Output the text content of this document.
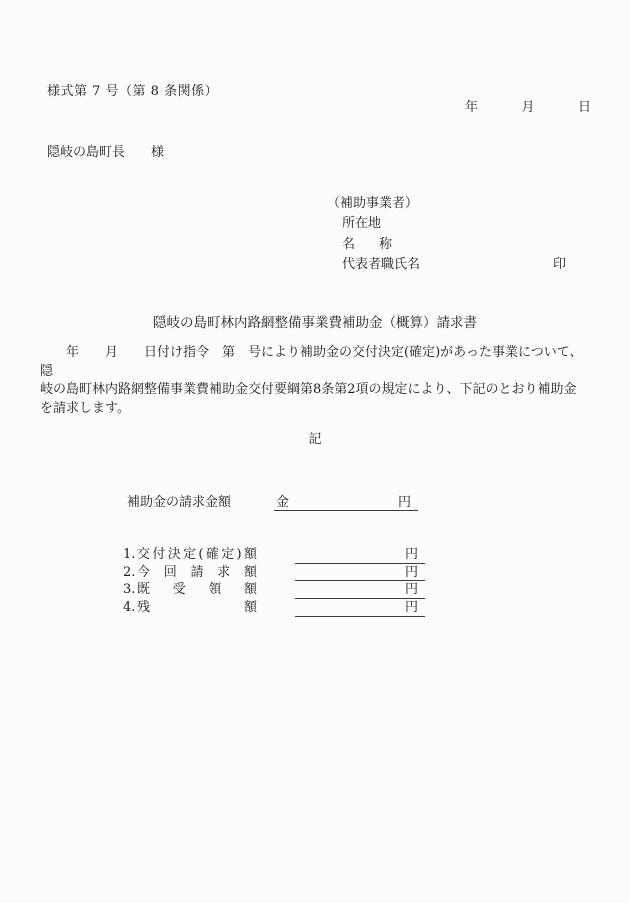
様式第 7 号（第 8 条関係）
年	月	日
隠岐の島町長 様
（補助事業者）
所在地
名称
代表者職氏名	印
隠岐の島町林内路網整備事業費補助金（概算）請求書
　　年　　月　　日付け指令　第　号により補助金の交付決定(確定)があった事業について、隠
岐の島町林内路網整備事業費補助金交付要綱第8条第2項の規定により、下記のとおり補助金
を請求します。
記
補助金の請求金額	金	円
1. 交付決定(確定)額	円
2. 今回請求額	円
3. 既受領額	円
4. 残額	円
